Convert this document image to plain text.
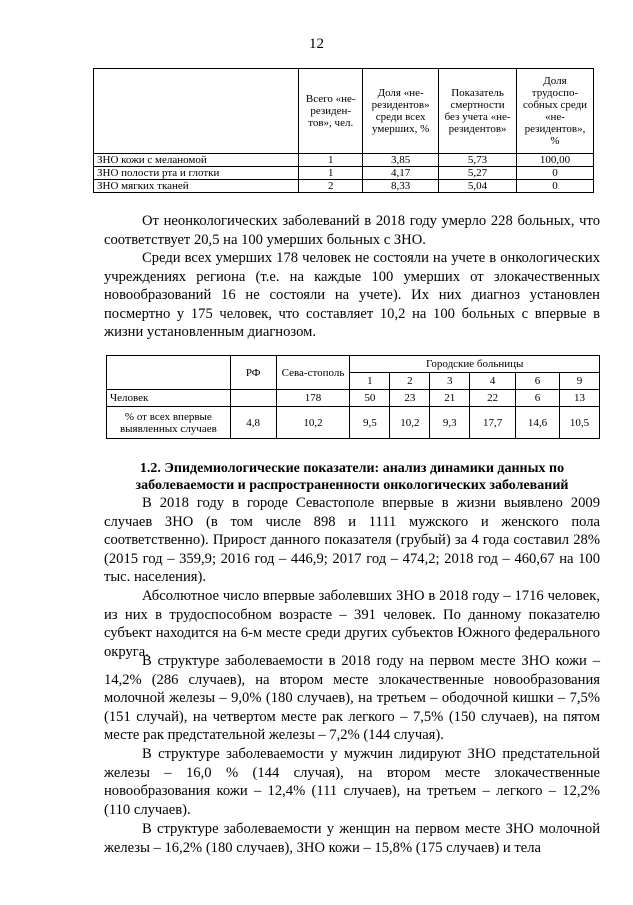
12
	Всего «не-резиден-тов», чел.	Доля «не-резидентов» среди всех умерших, %	Показатель смертности без учета «не-резидентов»	Доля трудоспо-собных среди «не-резидентов», %
ЗНО кожи с меланомой	1	3,85	5,73	100,00
ЗНО полости рта и глотки	1	4,17	5,27	0
ЗНО мягких тканей	2	8,33	5,04	0

От неонкологических заболеваний в 2018 году умерло 228 больных, что соответствует 20,5 на 100 умерших больных с ЗНО.

Среди всех умерших 178 человек не состояли на учете в онкологических учреждениях региона (т.е. на каждые 100 умерших от злокачественных новообразований 16 не состояли на учете). Их них диагноз установлен посмертно у 175 человек, что составляет 10,2 на 100 больных с впервые в жизни установленным диагнозом.

	РФ	Сева-стополь	Городские больницы					
			1	2	3	4	6	9
Человек		178	50	23	21	22	6	13
% от всех впервые выявленных случаев	4,8	10,2	9,5	10,2	9,3	17,7	14,6	10,5

1.2. Эпидемиологические показатели: анализ динамики данных по заболеваемости и распространенности онкологических заболеваний

В 2018 году в городе Севастополе впервые в жизни выявлено 2009 случаев ЗНО (в том числе 898 и 1111 мужского и женского пола соответственно). Прирост данного показателя (грубый) за 4 года составил 28% (2015 год – 359,9; 2016 год – 446,9; 2017 год – 474,2; 2018 год – 460,67 на 100 тыс. населения).

Абсолютное число впервые заболевших ЗНО в 2018 году – 1716 человек, из них в трудоспособном возрасте – 391 человек. По данному показателю субъект находится на 6-м месте среди других субъектов Южного федерального округа.

В структуре заболеваемости в 2018 году на первом месте ЗНО кожи – 14,2% (286 случаев), на втором месте злокачественные новообразования молочной железы – 9,0% (180 случаев), на третьем – ободочной кишки – 7,5% (151 случай), на четвертом месте рак легкого – 7,5% (150 случаев), на пятом месте рак предстательной железы – 7,2% (144 случая).

В структуре заболеваемости у мужчин лидируют ЗНО предстательной железы – 16,0 % (144 случая), на втором месте злокачественные новообразования кожи – 12,4% (111 случаев), на третьем – легкого – 12,2% (110 случаев).

В структуре заболеваемости у женщин на первом месте ЗНО молочной железы – 16,2% (180 случаев), ЗНО кожи – 15,8% (175 случаев) и тела
